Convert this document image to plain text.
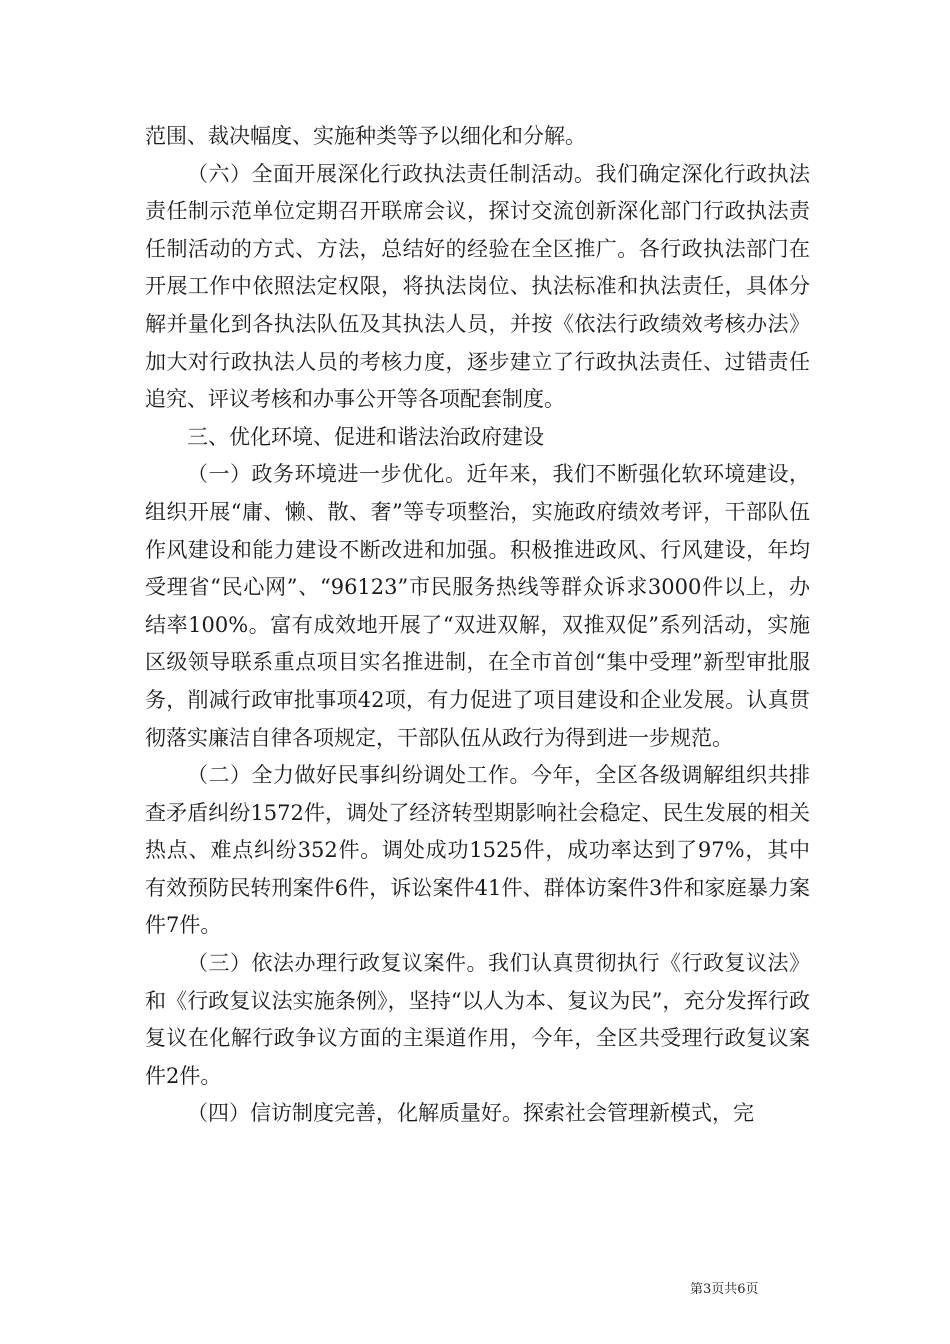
范围、裁决幅度、实施种类等予以细化和分解。

（六）全面开展深化行政执法责任制活动。我们确定深化行政执法责任制示范单位定期召开联席会议，探讨交流创新深化部门行政执法责任制活动的方式、方法，总结好的经验在全区推广。各行政执法部门在开展工作中依照法定权限，将执法岗位、执法标准和执法责任，具体分解并量化到各执法队伍及其执法人员，并按《依法行政绩效考核办法》加大对行政执法人员的考核力度，逐步建立了行政执法责任、过错责任追究、评议考核和办事公开等各项配套制度。

三、优化环境、促进和谐法治政府建设

（一）政务环境进一步优化。近年来，我们不断强化软环境建设，组织开展“庸、懒、散、奢”等专项整治，实施政府绩效考评，干部队伍作风建设和能力建设不断改进和加强。积极推进政风、行风建设，年均受理省“民心网”、“96123”市民服务热线等群众诉求3000件以上，办结率100%。富有成效地开展了“双进双解，双推双促”系列活动，实施区级领导联系重点项目实名推进制，在全市首创“集中受理”新型审批服务，削减行政审批事项42项，有力促进了项目建设和企业发展。认真贯彻落实廉洁自律各项规定，干部队伍从政行为得到进一步规范。

（二）全力做好民事纠纷调处工作。今年，全区各级调解组织共排查矛盾纠纷1572件，调处了经济转型期影响社会稳定、民生发展的相关热点、难点纠纷352件。调处成功1525件，成功率达到了97%，其中有效预防民转刑案件6件，诉讼案件41件、群体访案件3件和家庭暴力案件7件。

（三）依法办理行政复议案件。我们认真贯彻执行《行政复议法》和《行政复议法实施条例》，坚持“以人为本、复议为民”，充分发挥行政复议在化解行政争议方面的主渠道作用，今年，全区共受理行政复议案件2件。

（四）信访制度完善，化解质量好。探索社会管理新模式，完

第3页共6页
